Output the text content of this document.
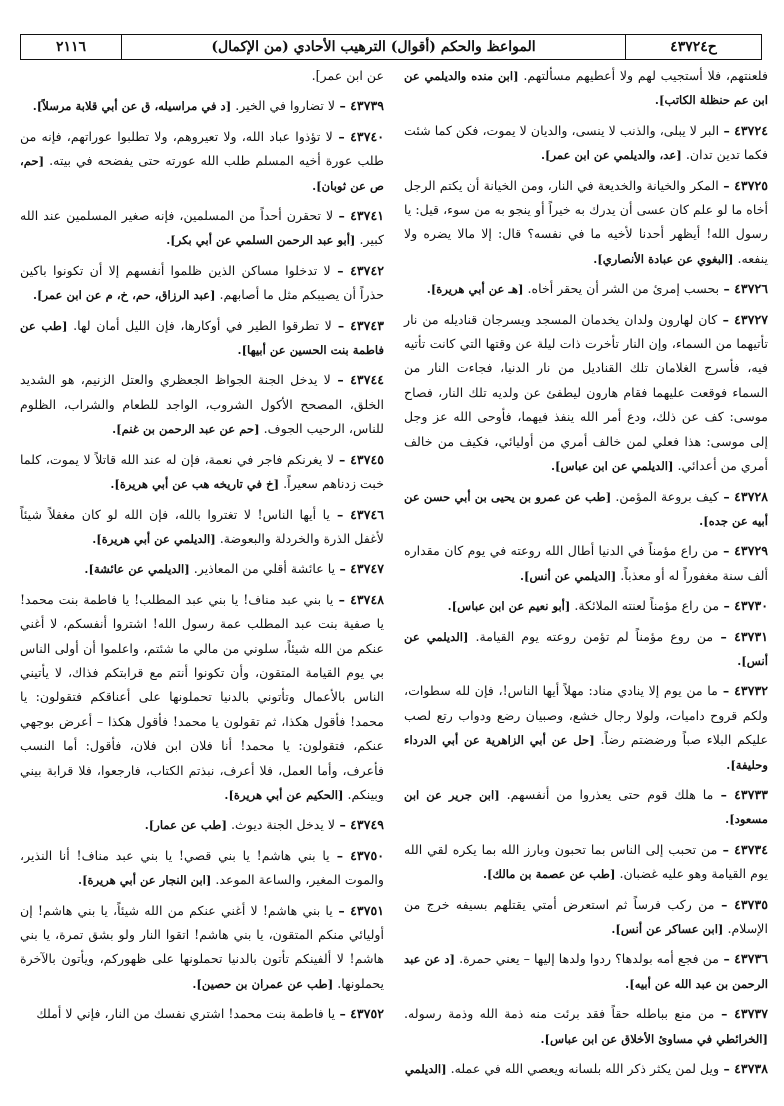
ح٤٣٧٢٤
المواعظ والحكم (أقوال) الترهيب الأحادي (من الإكمال)
٢١١٦

فلعنتهم، فلا أستجيب لهم ولا أعطيهم مسألتهم. [ابن منده والديلمي عن ابن عم حنظلة الكاتب].

٤٣٧٢٤ – البر لا يبلى، والذنب لا ينسى، والديان لا يموت، فكن كما شئت فكما تدين تدان. [عد، والديلمي عن ابن عمر].

٤٣٧٢٥ – المكر والخيانة والخديعة في النار، ومن الخيانة أن يكتم الرجل أخاه ما لو علم كان عسى أن يدرك به خيراً أو ينجو به من سوء، قيل: يا رسول الله! أيظهر أحدنا لأخيه ما في نفسه؟ قال: إلا مالا يضره ولا ينفعه. [البغوي عن عبادة الأنصاري].

٤٣٧٢٦ – بحسب إمرئ من الشر أن يحقر أخاه. [هـ عن أبي هريرة].

٤٣٧٢٧ – كان لهارون ولدان يخدمان المسجد ويسرجان قناديله من نار تأتيهما من السماء، وإن النار تأخرت ذات ليلة عن وقتها التي كانت تأتيه فيه، فأسرج الغلامان تلك القناديل من نار الدنيا، فجاءت النار من السماء فوقعت عليهما فقام هارون ليطفئ عن ولديه تلك النار، فصاح موسى: كف عن ذلك، ودع أمر الله ينفذ فيهما، فأوحى الله عز وجل إلى موسى: هذا فعلي لمن خالف أمري من أوليائي، فكيف من خالف أمري من أعدائي. [الديلمي عن ابن عباس].

٤٣٧٢٨ – كيف بروعة المؤمن. [طب عن عمرو بن يحيى بن أبي حسن عن أبيه عن جده].

٤٣٧٢٩ – من راع مؤمناً في الدنيا أطال الله روعته في يوم كان مقداره ألف سنة مغفوراً له أو معذباً. [الديلمي عن أنس].

٤٣٧٣٠ – من راع مؤمناً لعنته الملائكة. [أبو نعيم عن ابن عباس].

٤٣٧٣١ – من روع مؤمناً لم تؤمن روعته يوم القيامة. [الديلمي عن أنس].

٤٣٧٣٢ – ما من يوم إلا ينادي مناد: مهلاً أيها الناس!، فإن لله سطوات، ولكم قروح داميات، ولولا رجال خشع، وصبيان رضع ودواب رتع لصب عليكم البلاء صباً ورضضتم رضاً. [حل عن أبي الزاهرية عن أبي الدرداء وحليفة].

٤٣٧٣٣ – ما هلك قوم حتى يعذروا من أنفسهم. [ابن جرير عن ابن مسعود].

٤٣٧٣٤ – من تحبب إلى الناس بما تحبون وبارز الله بما يكره لقي الله يوم القيامة وهو عليه غضبان. [طب عن عصمة بن مالك].

٤٣٧٣٥ – من ركب فرساً ثم استعرض أمتي يقتلهم بسيفه خرج من الإسلام. [ابن عساكر عن أنس].

٤٣٧٣٦ – من فجع أمه بولدها؟ ردوا ولدها إليها – يعني حمرة. [د عن عبد الرحمن بن عبد الله عن أبيه].

٤٣٧٣٧ – من منع بباطله حقاً فقد برئت منه ذمة الله وذمة رسوله. [الخرائطي في مساوئ الأخلاق عن ابن عباس].

٤٣٧٣٨ – ويل لمن يكثر ذكر الله بلسانه ويعصي الله في عمله. [الديلمي

عن ابن عمر].

٤٣٧٣٩ – لا تضاروا في الخير. [د في مراسيله، ق عن أبي قلابة مرسلاً].

٤٣٧٤٠ – لا تؤذوا عباد الله، ولا تعيروهم، ولا تطلبوا عوراتهم، فإنه من طلب عورة أخيه المسلم طلب الله عورته حتى يفضحه في بيته. [حم، ص عن ثوبان].

٤٣٧٤١ – لا تحقرن أحداً من المسلمين، فإنه صغير المسلمين عند الله كبير. [أبو عبد الرحمن السلمي عن أبي بكر].

٤٣٧٤٢ – لا تدخلوا مساكن الذين ظلموا أنفسهم إلا أن تكونوا باكين حذراً أن يصيبكم مثل ما أصابهم. [عبد الرزاق، حم، خ، م عن ابن عمر].

٤٣٧٤٣ – لا تطرقوا الطير في أوكارها، فإن الليل أمان لها. [طب عن فاطمة بنت الحسين عن أبيها].

٤٣٧٤٤ – لا يدخل الجنة الجواظ الجعظري والعتل الزنيم، هو الشديد الخلق، المصحح الأكول الشروب، الواجد للطعام والشراب، الظلوم للناس، الرحيب الجوف. [حم عن عبد الرحمن بن غنم].

٤٣٧٤٥ – لا يغرنكم فاجر في نعمة، فإن له عند الله قاتلاً لا يموت، كلما خبت زدناهم سعيراً. [خ في تاريخه هب عن أبي هريرة].

٤٣٧٤٦ – يا أيها الناس! لا تغتروا بالله، فإن الله لو كان مغفلاً شيئاً لأغفل الذرة والخردلة والبعوضة. [الديلمي عن أبي هريرة].

٤٣٧٤٧ – يا عائشة أقلي من المعاذير. [الديلمي عن عائشة].

٤٣٧٤٨ – يا بني عبد مناف! يا بني عبد المطلب! يا فاطمة بنت محمد! يا صفية بنت عبد المطلب عمة رسول الله! اشتروا أنفسكم، لا أغني عنكم من الله شيئاً، سلوني من مالي ما شئتم، واعلموا أن أولى الناس بي يوم القيامة المتقون، وأن تكونوا أنتم مع قرابتكم فذاك، لا يأتيني الناس بالأعمال وتأتوني بالدنيا تحملونها على أعناقكم فتقولون: يا محمد! فأقول هكذا، ثم تقولون يا محمد! فأقول هكذا – أعرض بوجهي عنكم، فتقولون: يا محمد! أنا فلان ابن فلان، فأقول: أما النسب فأعرف، وأما العمل، فلا أعرف، نبذتم الكتاب، فارجعوا، فلا قرابة بيني وبينكم. [الحكيم عن أبي هريرة].

٤٣٧٤٩ – لا يدخل الجنة ديوث. [طب عن عمار].

٤٣٧٥٠ – يا بني هاشم! يا بني قصي! يا بني عبد مناف! أنا النذير، والموت المغير، والساعة الموعد. [ابن النجار عن أبي هريرة].

٤٣٧٥١ – يا بني هاشم! لا أغني عنكم من الله شيئاً، يا بني هاشم! إن أوليائي منكم المتقون، يا بني هاشم! اتقوا النار ولو بشق تمرة، يا بني هاشم! لا ألفينكم تأتون بالدنيا تحملونها على ظهوركم، ويأتون بالآخرة يحملونها. [طب عن عمران بن حصين].

٤٣٧٥٢ – يا فاطمة بنت محمد! اشتري نفسك من النار، فإني لا أملك
